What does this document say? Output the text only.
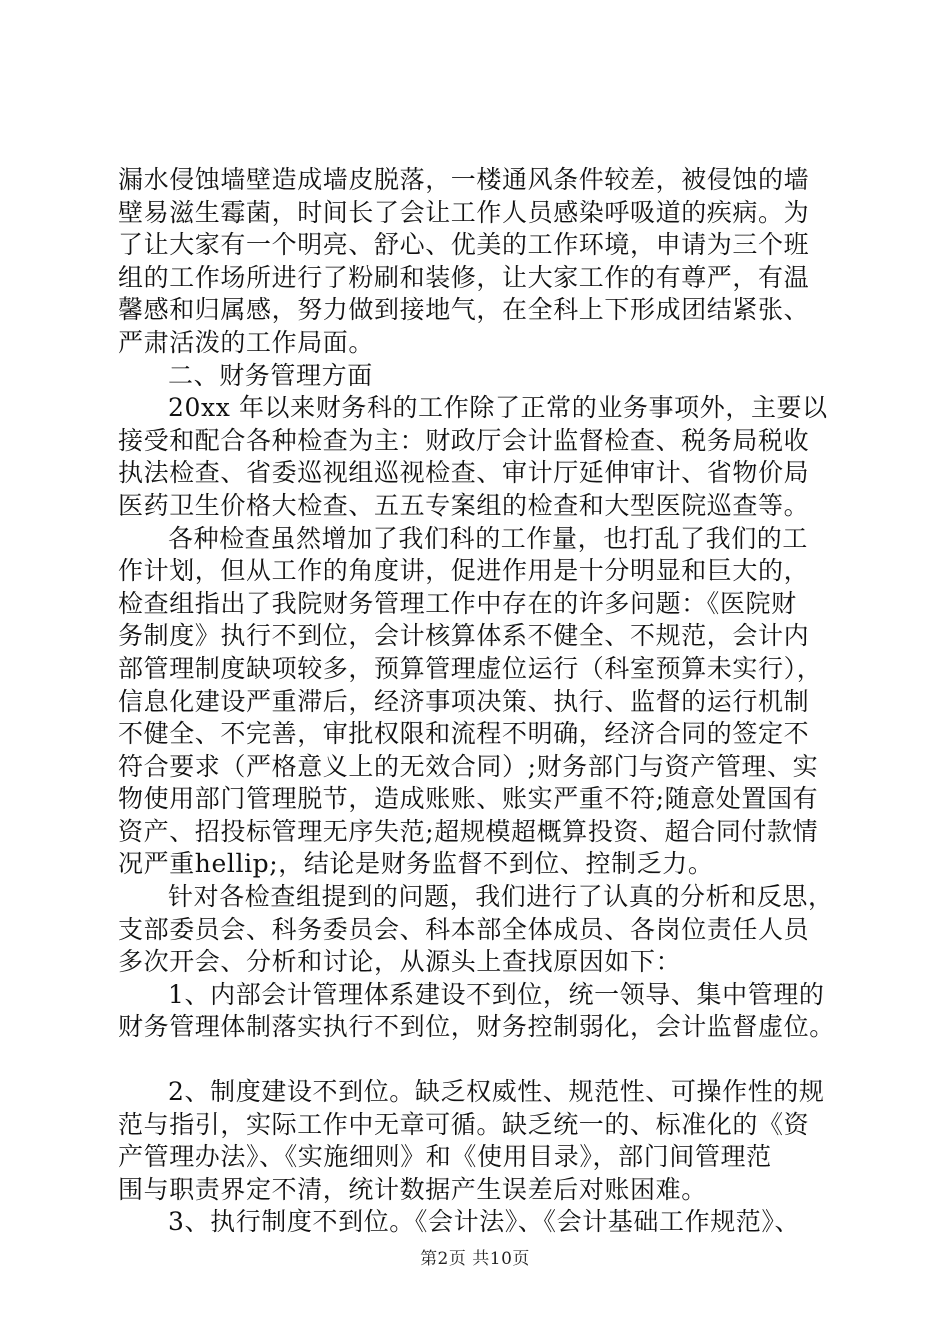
漏水侵蚀墙壁造成墙皮脱落，一楼通风条件较差，被侵蚀的墙
壁易滋生霉菌，时间长了会让工作人员感染呼吸道的疾病。为
了让大家有一个明亮、舒心、优美的工作环境，申请为三个班
组的工作场所进行了粉刷和装修，让大家工作的有尊严，有温
馨感和归属感，努力做到接地气，在全科上下形成团结紧张、
严肃活泼的工作局面。
二、财务管理方面
20xx 年以来财务科的工作除了正常的业务事项外，主要以
接受和配合各种检查为主：财政厅会计监督检查、税务局税收
执法检查、省委巡视组巡视检查、审计厅延伸审计、省物价局
医药卫生价格大检查、五五专案组的检查和大型医院巡查等。
各种检查虽然增加了我们科的工作量，也打乱了我们的工
作计划，但从工作的角度讲，促进作用是十分明显和巨大的，
检查组指出了我院财务管理工作中存在的许多问题：《医院财
务制度》执行不到位，会计核算体系不健全、不规范，会计内
部管理制度缺项较多，预算管理虚位运行（科室预算未实行），
信息化建设严重滞后，经济事项决策、执行、监督的运行机制
不健全、不完善，审批权限和流程不明确，经济合同的签定不
符合要求（严格意义上的无效合同）;财务部门与资产管理、实
物使用部门管理脱节，造成账账、账实严重不符;随意处置国有
资产、招投标管理无序失范;超规模超概算投资、超合同付款情
况严重hellip;，结论是财务监督不到位、控制乏力。
针对各检查组提到的问题，我们进行了认真的分析和反思，
支部委员会、科务委员会、科本部全体成员、各岗位责任人员
多次开会、分析和讨论，从源头上查找原因如下：
1、内部会计管理体系建设不到位，统一领导、集中管理的
财务管理体制落实执行不到位，财务控制弱化，会计监督虚位。
2、制度建设不到位。缺乏权威性、规范性、可操作性的规
范与指引，实际工作中无章可循。缺乏统一的、标准化的《资
产管理办法》、《实施细则》和《使用目录》，部门间管理范
围与职责界定不清，统计数据产生误差后对账困难。
3、执行制度不到位。《会计法》、《会计基础工作规范》、
第2页 共10页
